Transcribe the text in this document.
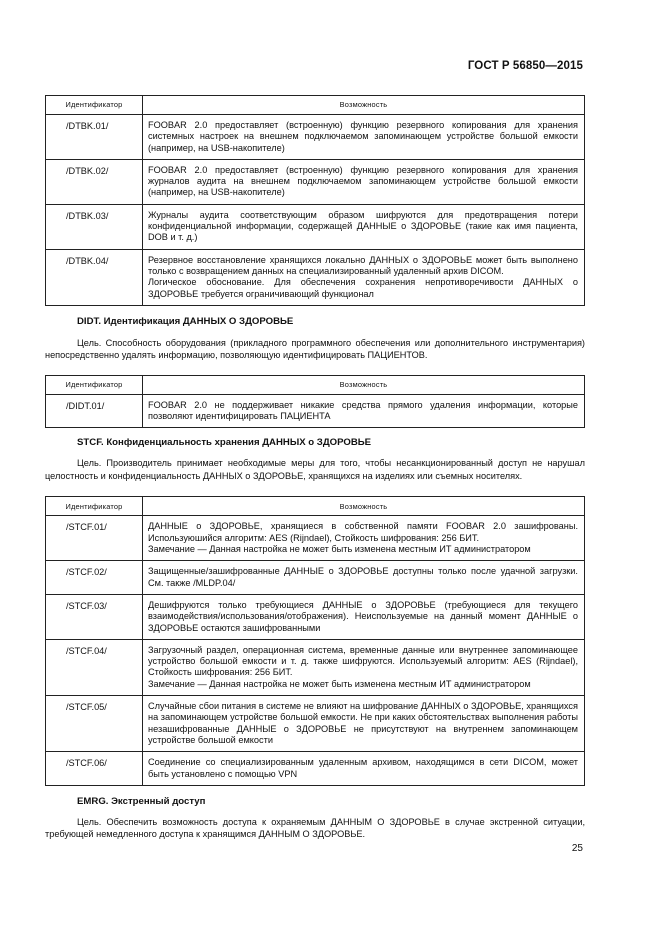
ГОСТ Р 56850—2015
Идентификатор	Возможность
/DTBK.01/	FOOBAR 2.0 предоставляет (встроенную) функцию резервного копирования для хранения системных настроек на внешнем подключаемом запоминающем устройстве большой емкости (например, на USB-накопителе)

/DTBK.02/	FOOBAR 2.0 предоставляет (встроенную) функцию резервного копирования для хранения журналов аудита на внешнем подключаемом запоминающем устройстве большой емкости (например, на USB-накопителе)

/DTBK.03/	Журналы аудита соответствующим образом шифруются для предотвращения потери конфиденциальной информации, содержащей ДАННЫЕ о ЗДОРОВЬЕ (такие как имя пациента, DOB и т. д.)

/DTBK.04/	Резервное восстановление хранящихся локально ДАННЫХ о ЗДОРОВЬЕ может быть выполнено только с возвращением данных на специализированный удаленный архив DICOM.

Логическое обоснование. Для обеспечения сохранения непротиворечивости ДАННЫХ о ЗДОРОВЬЕ требуется ограничивающий функционал

DIDT. Идентификация ДАННЫХ О ЗДОРОВЬЕ

Цель. Способность оборудования (прикладного программного обеспечения или дополнительного инструментария) непосредственно удалять информацию, позволяющую идентифицировать ПАЦИЕНТОВ.

Идентификатор	Возможность
/DIDT.01/	FOOBAR 2.0 не поддерживает никакие средства прямого удаления информации, которые позволяют идентифицировать ПАЦИЕНТА

STCF. Конфиденциальность хранения ДАННЫХ о ЗДОРОВЬЕ

Цель. Производитель принимает необходимые меры для того, чтобы несанкционированный доступ не нарушал целостность и конфиденциальность ДАННЫХ о ЗДОРОВЬЕ, хранящихся на изделиях или съемных носителях.

Идентификатор	Возможность
/STCF.01/	ДАННЫЕ о ЗДОРОВЬЕ, хранящиеся в собственной памяти FOOBAR 2.0 зашифрованы. Используюшийся алгоритм: AES (Rijndael), Стойкость шифрования: 256 БИТ.

Замечание — Данная настройка не может быть изменена местным ИТ администратором

/STCF.02/	Защищенные/зашифрованные ДАННЫЕ о ЗДОРОВЬЕ доступны только после удачной загрузки. См. также /MLDP.04/

/STCF.03/	Дешифруются только требующиеся ДАННЫЕ о ЗДОРОВЬЕ (требующиеся для текущего взаимодействия/использования/отображения). Неиспользуемые на данный момент ДАННЫЕ о ЗДОРОВЬЕ остаются зашифрованными

/STCF.04/	Загрузочный раздел, операционная система, временные данные или внутреннее запоминающее устройство большой емкости и т. д. также шифруются. Используемый алгоритм: AES (Rijndael), Стойкость шифрования: 256 БИТ.

Замечание — Данная настройка не может быть изменена местным ИТ администратором

/STCF.05/	Случайные сбои питания в системе не влияют на шифрование ДАННЫХ о ЗДОРОВЬЕ, хранящихся на запоминающем устройстве большой емкости. Не при каких обстоятельствах выполнения работы незашифрованные ДАННЫЕ о ЗДОРОВЬЕ не присутствуют на внутреннем запоминающем устройстве большой емкости

/STCF.06/	Соединение со специализированным удаленным архивом, находящимся в сети DICOM, может быть установлено с помощью VPN

EMRG. Экстренный доступ

Цель. Обеспечить возможность доступа к охраняемым ДАННЫМ О ЗДОРОВЬЕ в случае экстренной ситуации, требующей немедленного доступа к хранящимся ДАННЫМ О ЗДОРОВЬЕ.

25
